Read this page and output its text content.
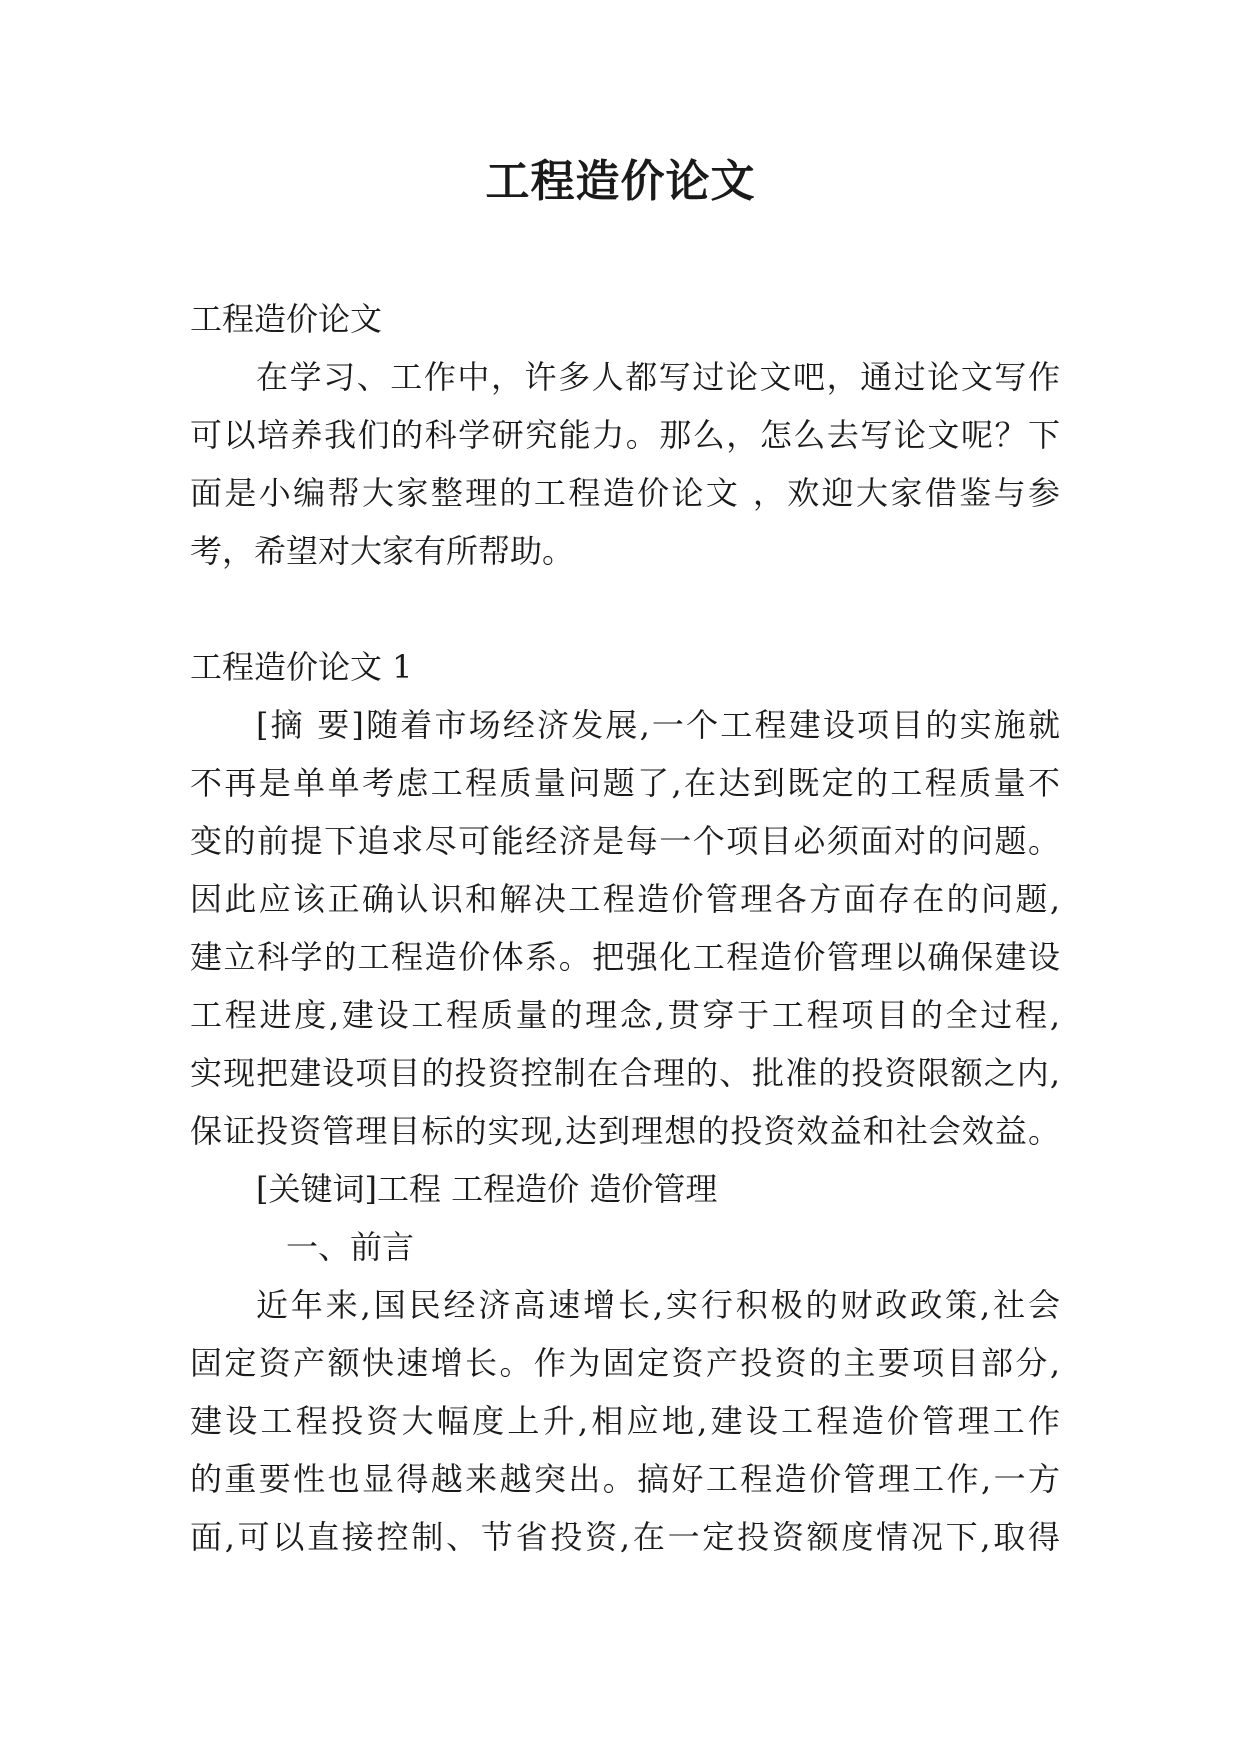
工程造价论文
工程造价论文
在学习、工作中，许多人都写过论文吧，通过论文写作
可以培养我们的科学研究能力。那么，怎么去写论文呢？下
面是小编帮大家整理的工程造价论文 ，欢迎大家借鉴与参
考，希望对大家有所帮助。
工程造价论文 1
[摘 要]随着市场经济发展,一个工程建设项目的实施就
不再是单单考虑工程质量问题了,在达到既定的工程质量不
变的前提下追求尽可能经济是每一个项目必须面对的问题。
因此应该正确认识和解决工程造价管理各方面存在的问题,
建立科学的工程造价体系。把强化工程造价管理以确保建设
工程进度,建设工程质量的理念,贯穿于工程项目的全过程,
实现把建设项目的投资控制在合理的、批准的投资限额之内,
保证投资管理目标的实现,达到理想的投资效益和社会效益。
[关键词]工程 工程造价 造价管理
一、前言
近年来,国民经济高速增长,实行积极的财政政策,社会
固定资产额快速增长。作为固定资产投资的主要项目部分,
建设工程投资大幅度上升,相应地,建设工程造价管理工作
的重要性也显得越来越突出。搞好工程造价管理工作,一方
面,可以直接控制、节省投资,在一定投资额度情况下,取得
